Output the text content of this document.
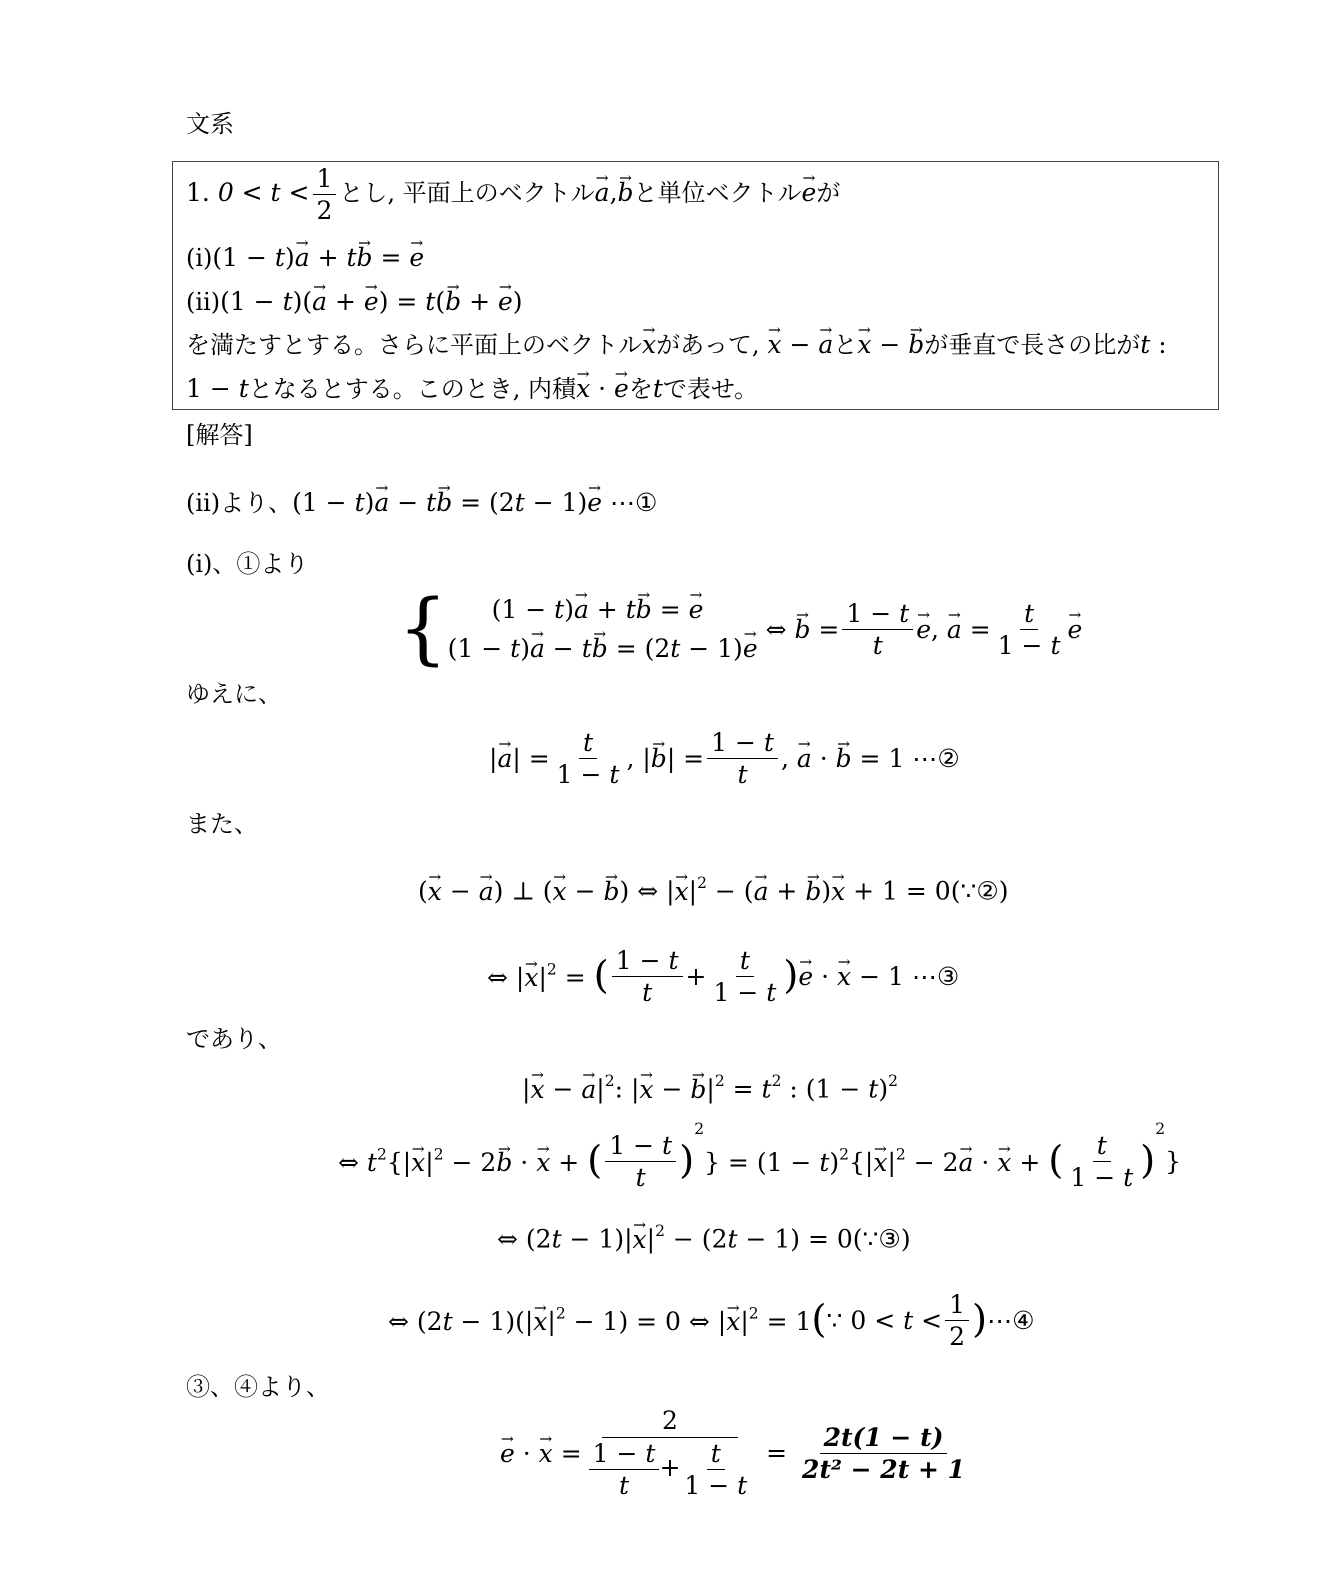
文系
1. $0 < t < \frac{1}{2}$ とし, 平面上のベクトル→ a,→ bと単位ベクトル→ eが
(ⅰ)(1 − t)→ a + t→ b = → e
(ⅱ)(1 − t)(→ a + → e) = t(→ b + → e)
を満たすとする。さらに平面上のベクトル→ xがあって, → x − → aと→ x − → bが垂直で長さの比がt :
1 − tとなるとする。このとき, 内積→ x · → eをtで表せ。
[解答]
(ⅱ)より、(1 − t)→ a − t→ b = (2t − 1)→ e ⋯①
(ⅰ)、①より
{	(1 − t)→ a + t→ b = → e
(1 − t)→ a − t→ b = (2t − 1)→ e
⇔ → $b = \frac{1 - t}{t}$
→ e, → $a = \frac{t}{1 - t}$
→ e
ゆえに、
|→ $a| = \frac{t}{1 - t}$ , |→ $b| = \frac{1 - t}{t}$ , → a · → b = 1 ⋯②
また、
(→ x − → a) ⊥ (→ x − → b) ⇔ |→ $x|^2$ − (→ a + → b)→ x + 1 = 0(∵②)
⇔ |→ $x|^2$ = ( $\frac{1 - t}{t} + \frac{t}{1 - t}$ )→ e · → x − 1 ⋯③
であり、
|→ x − → $a|^2$: |→ x − → $b|^2 = t^2$ : $(1 - t)^2$
⇔ $t^2\{|\to x|^2 - 2\to b$ · → x + ( $\frac{1 - t}{t} )^2\} = (1 - t)^2\{|\to x|^2 - 2\to a$ · → x + ( $\frac{t}{1 - t} )^2$}
⇔ $(2t - 1)|\to x|^2 - (2t - 1)$ = 0(∵③)
⇔ $(2t - 1)(|\to x|^2 - 1) = 0$ ⇔ |→ $x|^2$ = 1(∵ $0 < t < \frac{1}{2}$ )⋯④
③、④より、
→ e · → $x = \frac{2}{\frac{1 - t}{t} + \frac{t}{1 - t}} = \frac{2t(1 - t)}{\text{2t² − 2t + 1}}$
